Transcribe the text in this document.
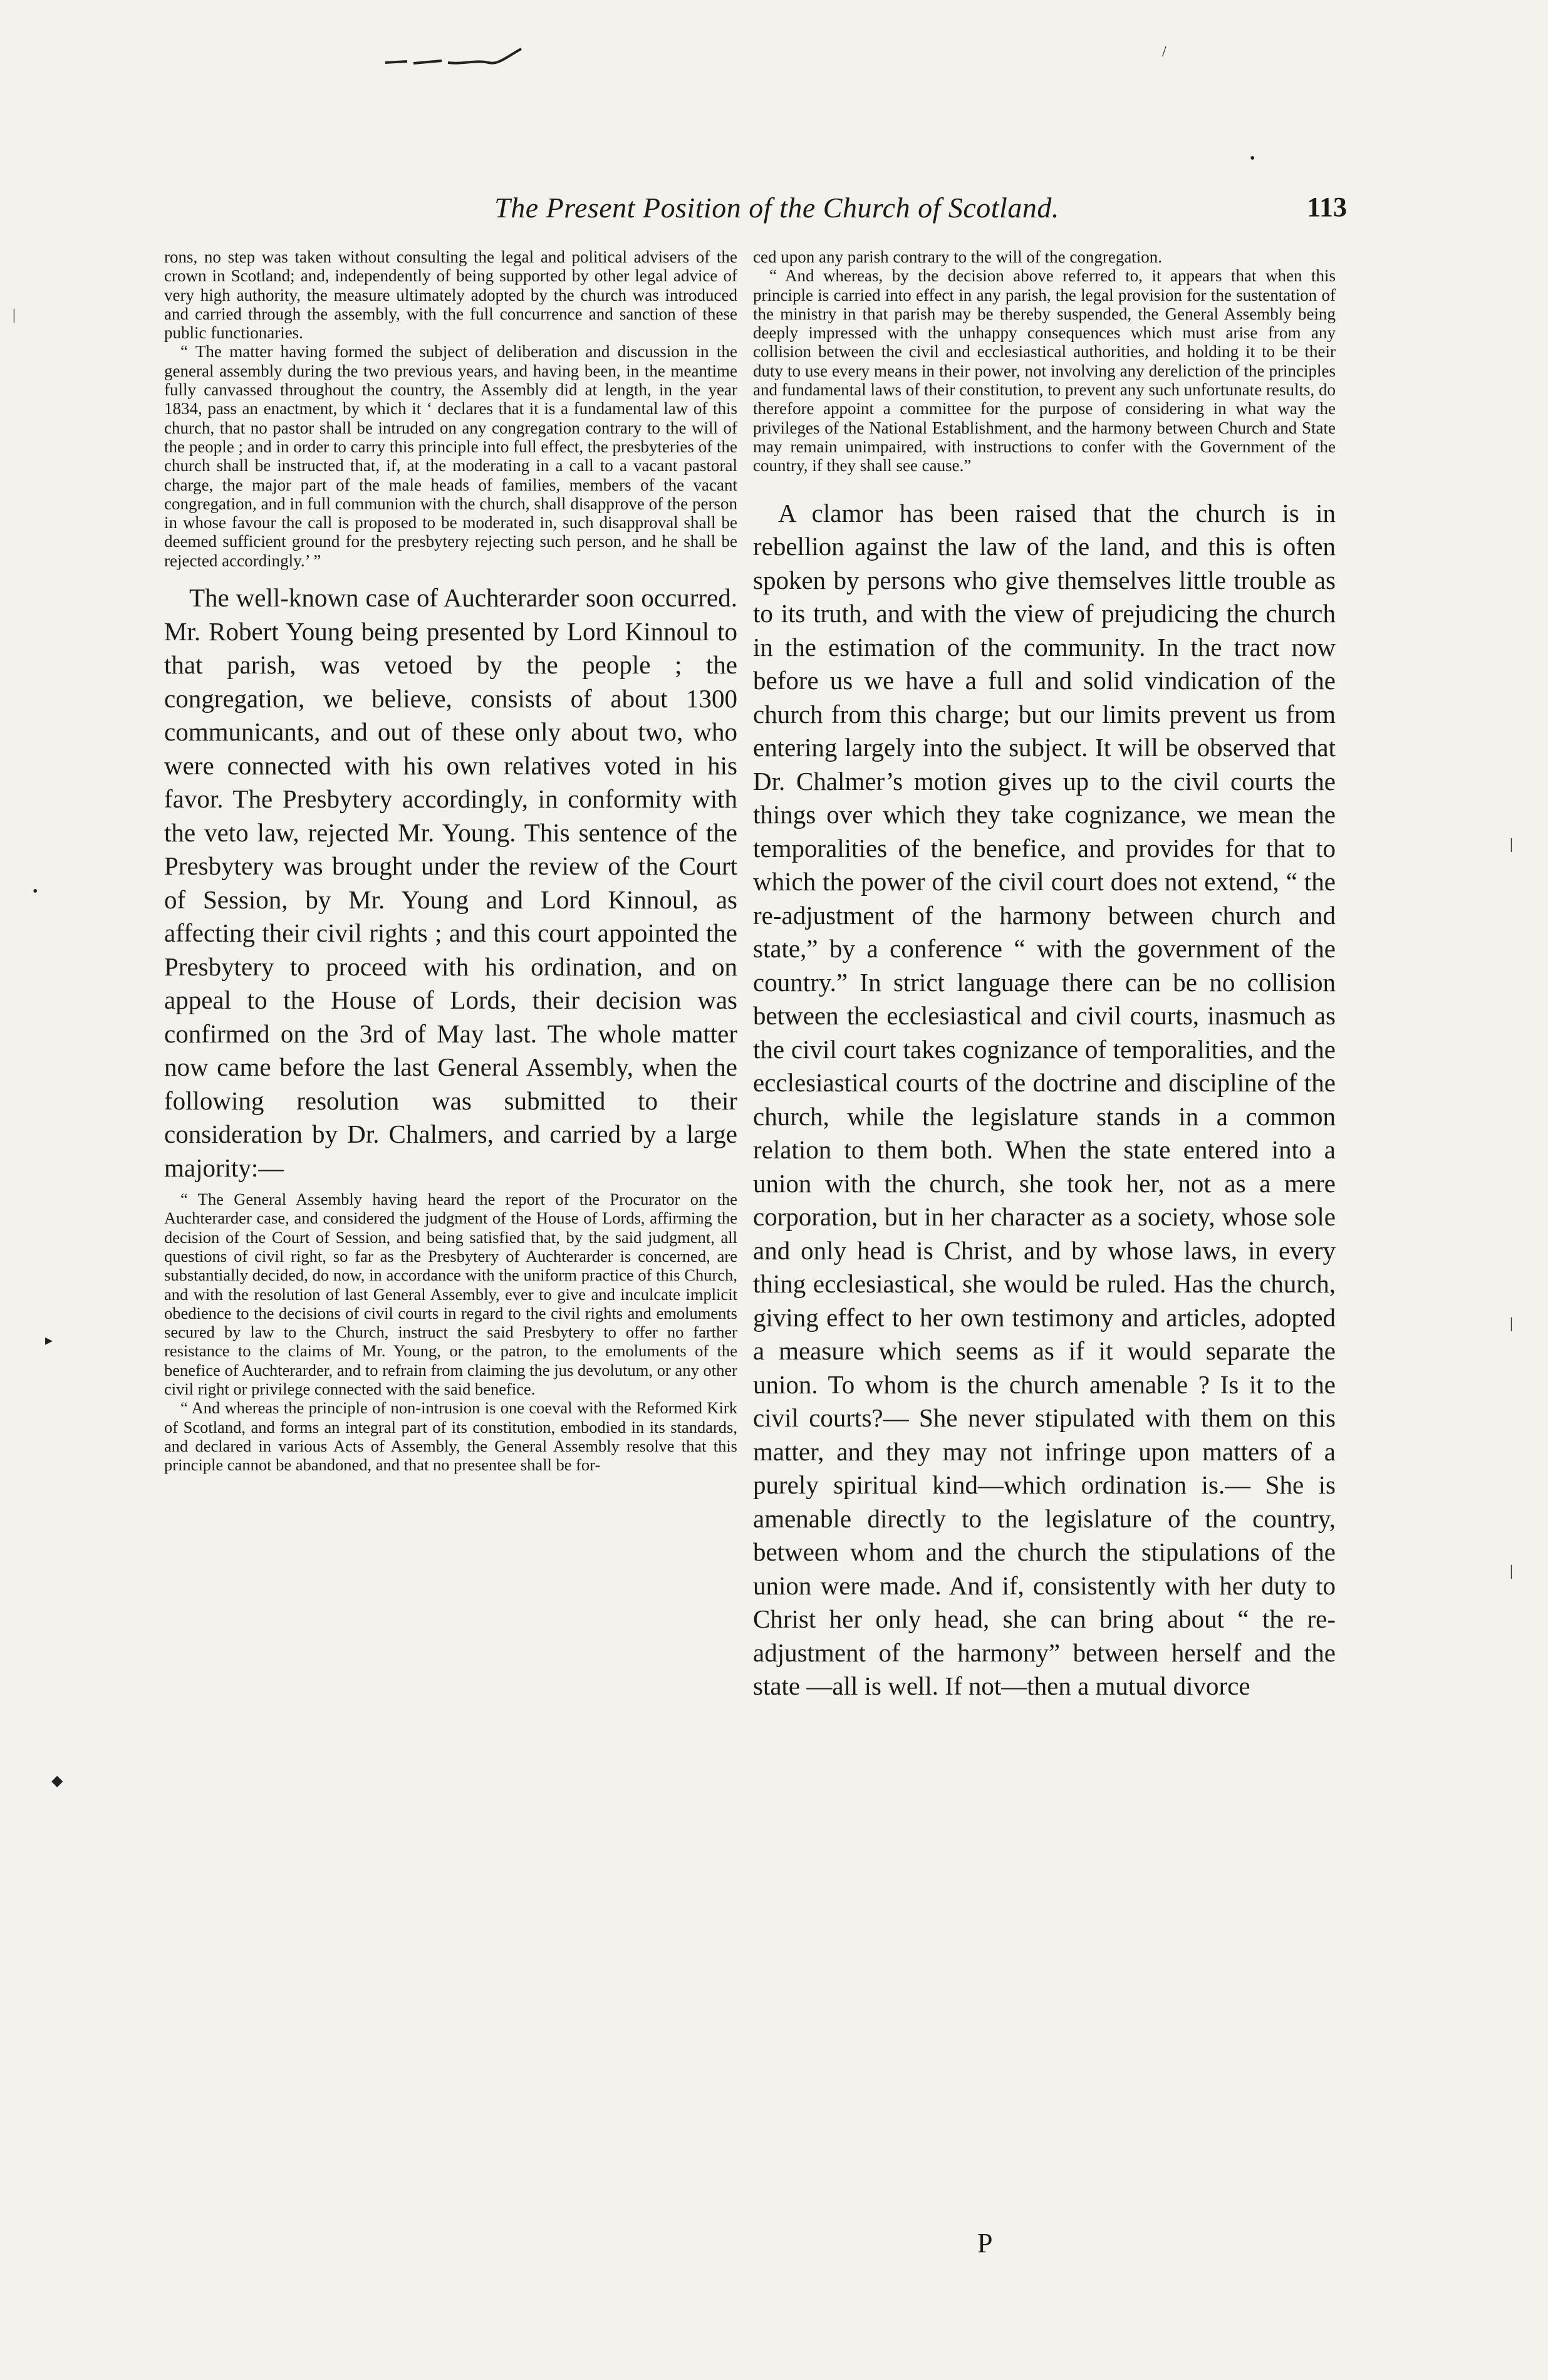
The Present Position of the Church of Scotland.	113

rons, no step was taken without consulting the legal and political advisers of the crown in Scotland; and, independently of being supported by other legal advice of very high authority, the measure ultimately adopted by the church was introduced and carried through the assembly, with the full concurrence and sanction of these public functionaries.

“ The matter having formed the subject of deliberation and discussion in the general assembly during the two previous years, and having been, in the meantime fully canvassed throughout the country, the Assembly did at length, in the year 1834, pass an enactment, by which it ‘ declares that it is a fundamental law of this church, that no pastor shall be intruded on any congregation contrary to the will of the people ; and in order to carry this principle into full effect, the presbyteries of the church shall be instructed that, if, at the moderating in a call to a vacant pastoral charge, the major part of the male heads of families, members of the vacant congregation, and in full communion with the church, shall disapprove of the person in whose favour the call is proposed to be moderated in, such disapproval shall be deemed sufficient ground for the presbytery rejecting such person, and he shall be rejected accordingly.’ ”

The well-known case of Auchterarder soon occurred. Mr. Robert Young being presented by Lord Kinnoul to that parish, was vetoed by the people ; the congregation, we believe, consists of about 1300 communicants, and out of these only about two, who were connected with his own relatives voted in his favor. The Presbytery accordingly, in conformity with the veto law, rejected Mr. Young. This sentence of the Presbytery was brought under the review of the Court of Session, by Mr. Young and Lord Kinnoul, as affecting their civil rights ; and this court appointed the Presbytery to proceed with his ordination, and on appeal to the House of Lords, their decision was confirmed on the 3rd of May last. The whole matter now came before the last General Assembly, when the following resolution was submitted to their consideration by Dr. Chalmers, and carried by a large majority:—

“ The General Assembly having heard the report of the Procurator on the Auchterarder case, and considered the judgment of the House of Lords, affirming the decision of the Court of Session, and being satisfied that, by the said judgment, all questions of civil right, so far as the Presbytery of Auchterarder is concerned, are substantially decided, do now, in accordance with the uniform practice of this Church, and with the resolution of last General Assembly, ever to give and inculcate implicit obedience to the decisions of civil courts in regard to the civil rights and emoluments secured by law to the Church, instruct the said Presbytery to offer no farther resistance to the claims of Mr. Young, or the patron, to the emoluments of the benefice of Auchterarder, and to refrain from claiming the jus devolutum, or any other civil right or privilege connected with the said benefice.

“ And whereas the principle of non-intrusion is one coeval with the Reformed Kirk of Scotland, and forms an integral part of its constitution, embodied in its standards, and declared in various Acts of Assembly, the General Assembly resolve that this principle cannot be abandoned, and that no presentee shall be for-

ced upon any parish contrary to the will of the congregation.

“ And whereas, by the decision above referred to, it appears that when this principle is carried into effect in any parish, the legal provision for the sustentation of the ministry in that parish may be thereby suspended, the General Assembly being deeply impressed with the unhappy consequences which must arise from any collision between the civil and ecclesiastical authorities, and holding it to be their duty to use every means in their power, not involving any dereliction of the principles and fundamental laws of their constitution, to prevent any such unfortunate results, do therefore appoint a committee for the purpose of considering in what way the privileges of the National Establishment, and the harmony between Church and State may remain unimpaired, with instructions to confer with the Government of the country, if they shall see cause.”

A clamor has been raised that the church is in rebellion against the law of the land, and this is often spoken by persons who give themselves little trouble as to its truth, and with the view of prejudicing the church in the estimation of the community. In the tract now before us we have a full and solid vindication of the church from this charge; but our limits prevent us from entering largely into the subject. It will be observed that Dr. Chalmer’s motion gives up to the civil courts the things over which they take cognizance, we mean the temporalities of the benefice, and provides for that to which the power of the civil court does not extend, “ the re-adjustment of the harmony between church and state,” by a conference “ with the government of the country.” In strict language there can be no collision between the ecclesiastical and civil courts, inasmuch as the civil court takes cognizance of temporalities, and the ecclesiastical courts of the doctrine and discipline of the church, while the legislature stands in a common relation to them both. When the state entered into a union with the church, she took her, not as a mere corporation, but in her character as a society, whose sole and only head is Christ, and by whose laws, in every thing ecclesiastical, she would be ruled. Has the church, giving effect to her own testimony and articles, adopted a measure which seems as if it would separate the union. To whom is the church amenable ? Is it to the civil courts?— She never stipulated with them on this matter, and they may not infringe upon matters of a purely spiritual kind—which ordination is.— She is amenable directly to the legislature of the country, between whom and the church the stipulations of the union were made. And if, consistently with her duty to Christ her only head, she can bring about “ the re-adjustment of the harmony” between herself and the state —all is well. If not—then a mutual divorce

P
|
•
▸
◆
|
|
|
•
/
